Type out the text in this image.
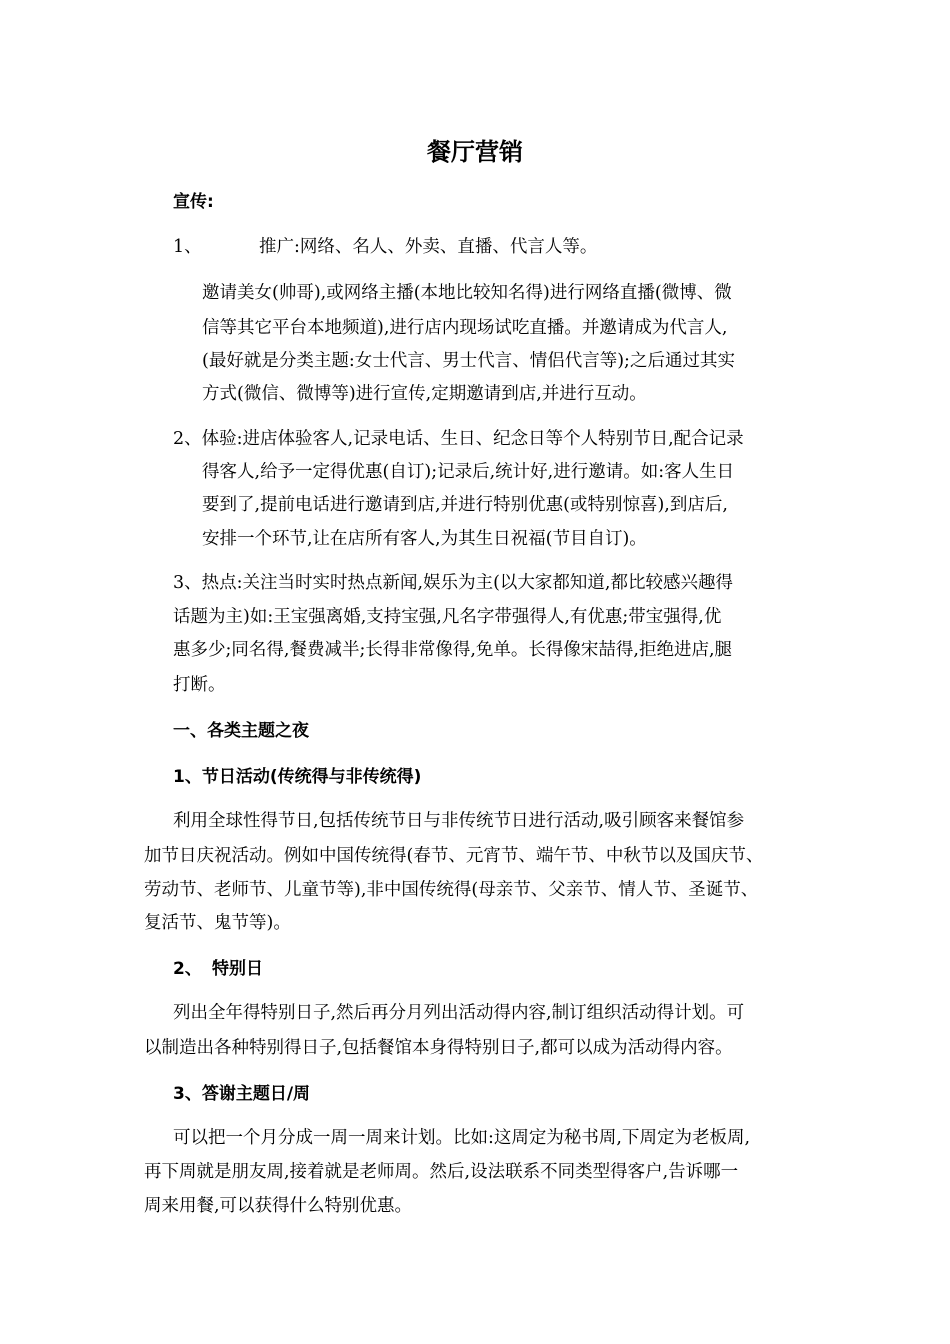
餐厅营销
宣传:
1、	推广:网络、名人、外卖、直播、代言人等。
邀请美女(帅哥),或网络主播(本地比较知名得)进行网络直播(微博、微
信等其它平台本地频道),进行店内现场试吃直播。并邀请成为代言人,
(最好就是分类主题:女士代言、男士代言、情侣代言等);之后通过其实
方式(微信、微博等)进行宣传,定期邀请到店,并进行互动。
2、体验:进店体验客人,记录电话、生日、纪念日等个人特别节日,配合记录
得客人,给予一定得优惠(自订);记录后,统计好,进行邀请。如:客人生日
要到了,提前电话进行邀请到店,并进行特别优惠(或特别惊喜),到店后,
安排一个环节,让在店所有客人,为其生日祝福(节目自订)。
3、热点:关注当时实时热点新闻,娱乐为主(以大家都知道,都比较感兴趣得
话题为主)如:王宝强离婚,支持宝强,凡名字带强得人,有优惠;带宝强得,优
惠多少;同名得,餐费减半;长得非常像得,免单。长得像宋喆得,拒绝进店,腿
打断。
一、各类主题之夜
1、节日活动(传统得与非传统得)
利用全球性得节日,包括传统节日与非传统节日进行活动,吸引顾客来餐馆参
加节日庆祝活动。例如中国传统得(春节、元宵节、端午节、中秋节以及国庆节、
劳动节、老师节、儿童节等),非中国传统得(母亲节、父亲节、情人节、圣诞节、
复活节、鬼节等)。
2、 特别日
列出全年得特别日子,然后再分月列出活动得内容,制订组织活动得计划。可
以制造出各种特别得日子,包括餐馆本身得特别日子,都可以成为活动得内容。
3、答谢主题日/周
可以把一个月分成一周一周来计划。比如:这周定为秘书周,下周定为老板周,
再下周就是朋友周,接着就是老师周。然后,设法联系不同类型得客户,告诉哪一
周来用餐,可以获得什么特别优惠。
